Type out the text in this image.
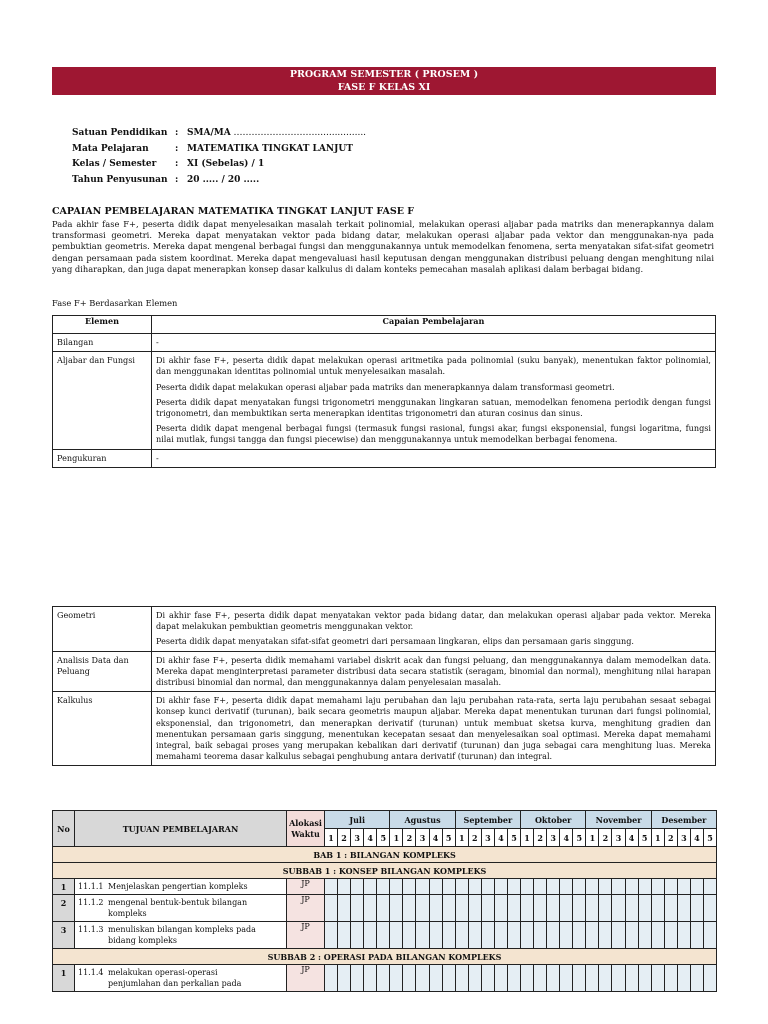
PROGRAM SEMESTER ( PROSEM )
FASE F KELAS XI
Satuan Pendidikan : SMA/MA ………………………..................
Mata Pelajaran	: MATEMATIKA TINGKAT LANJUT
Kelas / Semester	: XI (Sebelas) / 1
Tahun Penyusunan : 20 ..... / 20 .....
CAPAIAN PEMBELAJARAN MATEMATIKA TINGKAT LANJUT FASE F

Pada akhir fase F+, peserta didik dapat menyelesaikan masalah terkait polinomial, melakukan operasi aljabar pada matriks dan menerapkannya dalam transformasi geometri. Mereka dapat menyatakan vektor pada bidang datar, melakukan operasi aljabar pada vektor dan menggunakan-nya pada pembuktian geometris. Mereka dapat mengenal berbagai fungsi dan menggunakannya untuk memodelkan fenomena, serta menyatakan sifat-sifat geometri dengan persamaan pada sistem koordinat. Mereka dapat mengevaluasi hasil keputusan dengan menggunakan distribusi peluang dengan menghitung nilai yang diharapkan, dan juga dapat menerapkan konsep dasar kalkulus di dalam konteks pemecahan masalah aplikasi dalam berbagai bidang.

Fase F+ Berdasarkan Elemen
Elemen	Capaian Pembelajaran
Bilangan	-

Aljabar dan Fungsi	Di akhir fase F+, peserta didik dapat melakukan operasi aritmetika pada polinomial (suku banyak), menentukan faktor polinomial, dan menggunakan identitas polinomial untuk menyelesaikan masalah.

Peserta didik dapat melakukan operasi aljabar pada matriks dan menerapkannya dalam transformasi geometri.

Peserta didik dapat menyatakan fungsi trigonometri menggunakan lingkaran satuan, memodelkan fenomena periodik dengan fungsi trigonometri, dan membuktikan serta menerapkan identitas trigonometri dan aturan cosinus dan sinus.

Peserta didik dapat mengenal berbagai fungsi (termasuk fungsi rasional, fungsi akar, fungsi eksponensial, fungsi logaritma, fungsi nilai mutlak, fungsi tangga dan fungsi piecewise) dan menggunakannya untuk memodelkan berbagai fenomena.

Pengukuran	-

Geometri	Di akhir fase F+, peserta didik dapat menyatakan vektor pada bidang datar, dan melakukan operasi aljabar pada vektor. Mereka dapat melakukan pembuktian geometris menggunakan vektor.

Peserta didik dapat menyatakan sifat-sifat geometri dari persamaan lingkaran, elips dan persamaan garis singgung.

Analisis Data dan Peluang	Di akhir fase F+, peserta didik memahami variabel diskrit acak dan fungsi peluang, dan menggunakannya dalam memodelkan data. Mereka dapat menginterpretasi parameter distribusi data secara statistik (seragam, binomial dan normal), menghitung nilai harapan distribusi binomial dan normal, dan menggunakannya dalam penyelesaian masalah.

Kalkulus	Di akhir fase F+, peserta didik dapat memahami laju perubahan dan laju perubahan rata-rata, serta laju perubahan sesaat sebagai konsep kunci derivatif (turunan), baik secara geometris maupun aljabar. Mereka dapat menentukan turunan dari fungsi polinomial, eksponensial, dan trigonometri, dan menerapkan derivatif (turunan) untuk membuat sketsa kurva, menghitung gradien dan menentukan persamaan garis singgung, menentukan kecepatan sesaat dan menyelesaikan soal optimasi. Mereka dapat memahami integral, baik sebagai proses yang merupakan kebalikan dari derivatif (turunan) dan juga sebagai cara menghitung luas. Mereka memahami teorema dasar kalkulus sebagai penghubung antara derivatif (turunan) dan integral.

No	TUJUAN PEMBELAJARAN	Alokasi Waktu	Juli					Agustus					September					Oktober					November					Desember				
			1	2	3	4	5	1	2	3	4	5	1	2	3	4	5	1	2	3	4	5	1	2	3	4	5	1	2	3	4	5
BAB 1 : BILANGAN KOMPLEKS																																
SUBBAB 1 : KONSEP BILANGAN KOMPLEKS																																
1	11.1.1 Menjelaskan pengertian kompleks	JP																														
2	11.1.2 mengenal bentuk-bentuk bilangan kompleks	JP																														
3	11.1.3 menuliskan bilangan kompleks pada bidang kompleks	JP																														
SUBBAB 2 : OPERASI PADA BILANGAN KOMPLEKS																																
1	11.1.4 melakukan operasi-operasi penjumlahan dan perkalian pada	JP																														
